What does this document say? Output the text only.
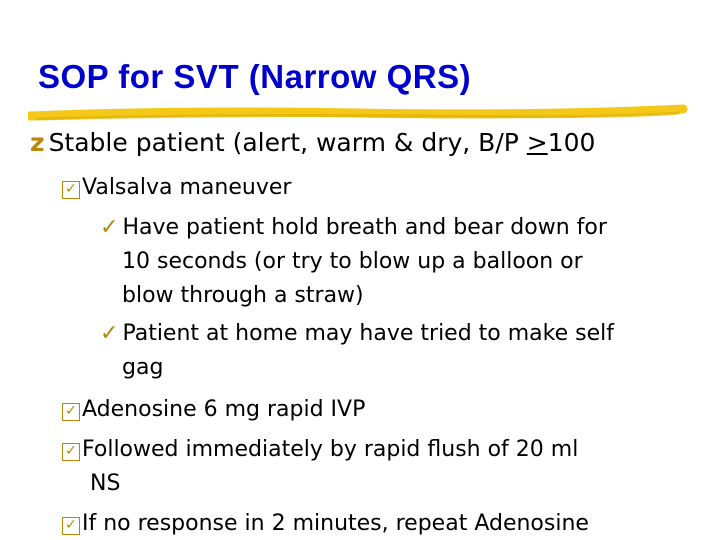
SOP for SVT (Narrow QRS)
z Stable patient (alert, warm & dry, B/P ≥100
✓ Valsalva maneuver
✓ Have patient hold breath and bear down for
10 seconds (or try to blow up a balloon or
blow through a straw)
✓ Patient at home may have tried to make self
gag
✓ Adenosine 6 mg rapid IVP
✓ Followed immediately by rapid flush of 20 ml
NS
✓ If no response in 2 minutes, repeat Adenosine
